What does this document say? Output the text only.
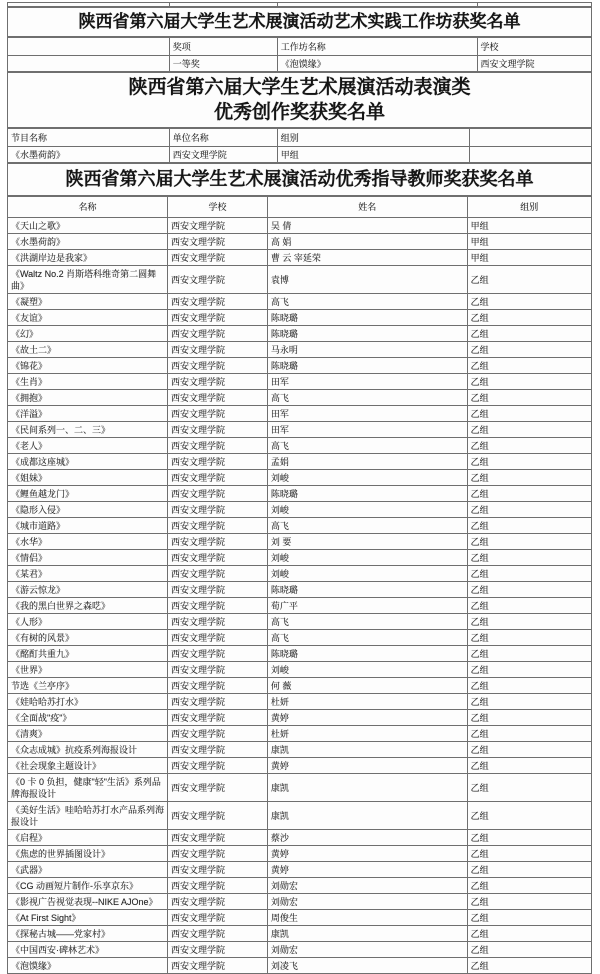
陕西省第六届大学生艺术展演活动艺术实践工作坊获奖名单
	奖项	工作坊名称	学校
	一等奖	《泡馍缘》	西安文理学院
陕西省第六届大学生艺术展演活动表演类
优秀创作奖获奖名单
节目名称	单位名称	组别	
《水墨荷韵》	西安文理学院	甲组	
陕西省第六届大学生艺术展演活动优秀指导教师奖获奖名单
名称	学校	姓名	组别
《天山之歌》	西安文理学院	吴 倩	甲组
《水墨荷韵》	西安文理学院	高 娟	甲组
《洪湖岸边是我家》	西安文理学院	曹 云 宰延荣	甲组
《Waltz No.2 肖斯塔科维奇第二圆舞曲》	西安文理学院	袁博	乙组
《凝塑》	西安文理学院	高飞	乙组
《友谊》	西安文理学院	陈晓璐	乙组
《幻》	西安文理学院	陈晓璐	乙组
《故土二》	西安文理学院	马永明	乙组
《锦花》	西安文理学院	陈晓璐	乙组
《生肖》	西安文理学院	田军	乙组
《拥抱》	西安文理学院	高飞	乙组
《洋溢》	西安文理学院	田军	乙组
《民间系列一、二、三》	西安文理学院	田军	乙组
《老人》	西安文理学院	高飞	乙组
《成都这座城》	西安文理学院	孟娟	乙组
《姐妹》	西安文理学院	刘峻	乙组
《鲤鱼越龙门》	西安文理学院	陈晓璐	乙组
《隐形入侵》	西安文理学院	刘峻	乙组
《城市道路》	西安文理学院	高飞	乙组
《水华》	西安文理学院	刘 要	乙组
《情侣》	西安文理学院	刘峻	乙组
《某君》	西安文理学院	刘峻	乙组
《游云惊龙》	西安文理学院	陈晓璐	乙组
《我的黑白世界之森呓》	西安文理学院	荀广平	乙组
《人形》	西安文理学院	高飞	乙组
《有树的风景》	西安文理学院	高飞	乙组
《酩酊共重九》	西安文理学院	陈晓璐	乙组
《世界》	西安文理学院	刘峻	乙组
节选《兰亭序》	西安文理学院	何 薇	乙组
《娃哈哈苏打水》	西安文理学院	杜妍	乙组
《全面战"疫"》	西安文理学院	黄婷	乙组
《清爽》	西安文理学院	杜妍	乙组
《众志成城》抗疫系列海报设计	西安文理学院	康凯	乙组
《社会现象主题设计》	西安文理学院	黄婷	乙组
《0 卡 0 负担，健康"轻"生活》系列品牌海报设计	西安文理学院	康凯	乙组
《美好生活》哇哈哈苏打水产品系列海报设计	西安文理学院	康凯	乙组
《启程》	西安文理学院	蔡沙	乙组
《焦虑的世界插图设计》	西安文理学院	黄婷	乙组
《武器》	西安文理学院	黄婷	乙组
《CG 动画短片制作-乐享京东》	西安文理学院	刘勋宏	乙组
《影视广告视觉表现--NIKE AJOne》	西安文理学院	刘勋宏	乙组
《At First Sight》	西安文理学院	周俊生	乙组
《探秘古城——党家村》	西安文理学院	康凯	乙组
《中国西安·碑林艺术》	西安文理学院	刘勋宏	乙组
《泡馍缘》	西安文理学院	刘凌飞	乙组
